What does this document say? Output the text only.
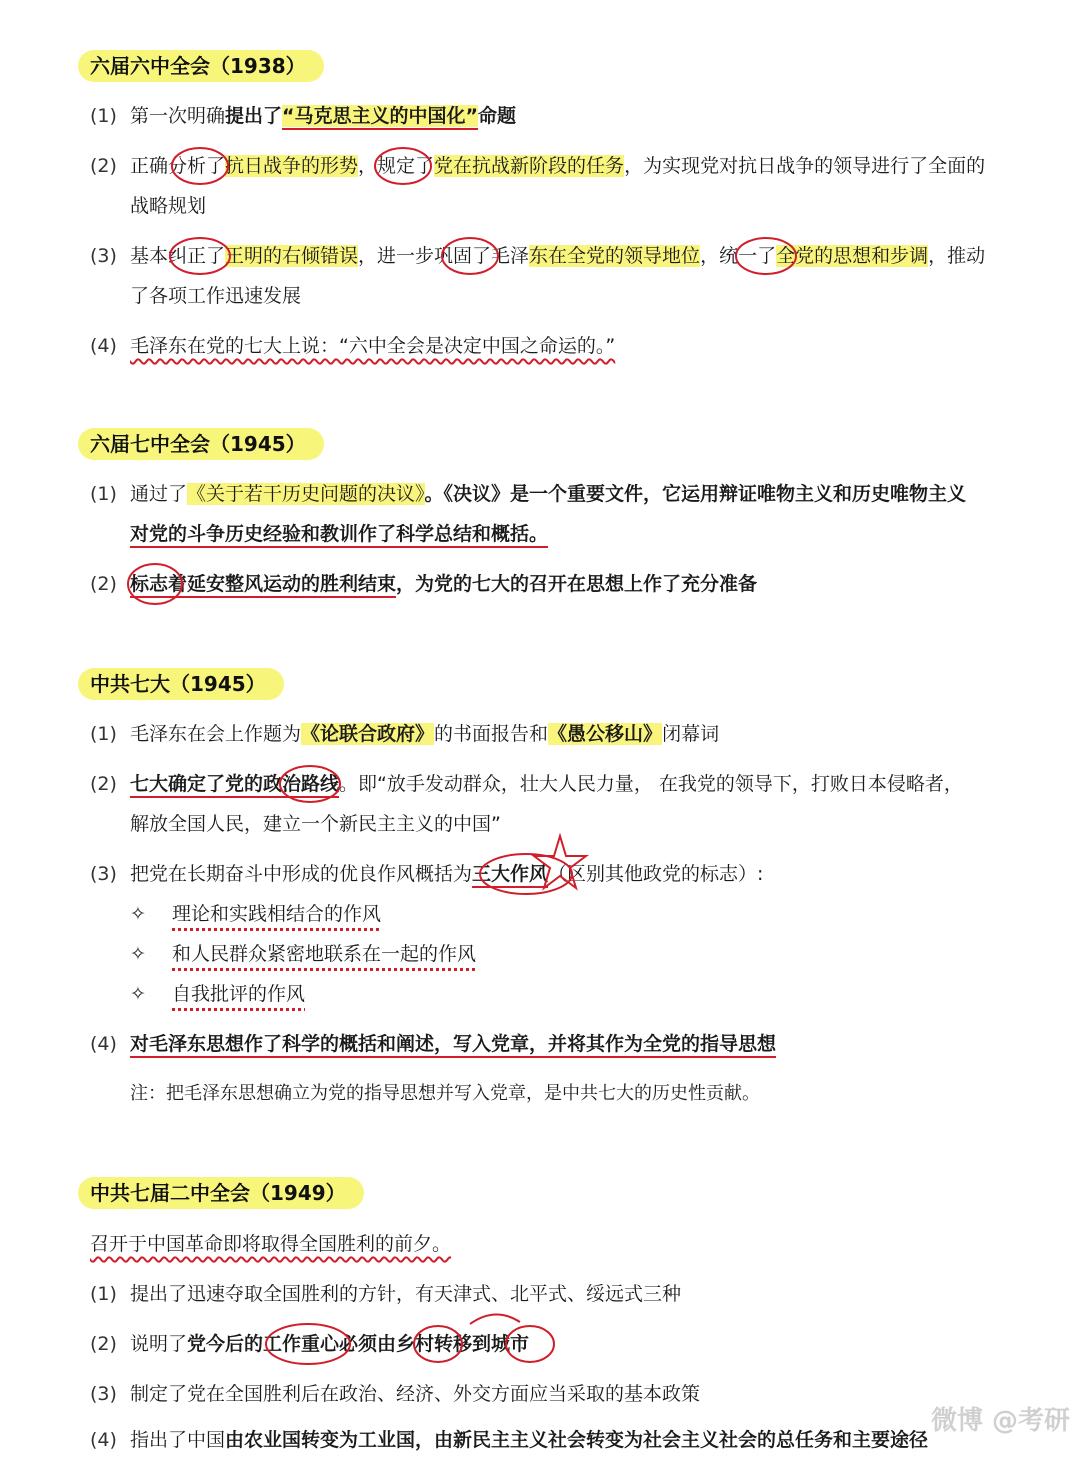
六届六中全会（1938）
(1) 第一次明确提出了“马克思主义的中国化”命题
(2) 正确分析了抗日战争的形势，规定了党在抗战新阶段的任务，为实现党对抗日战争的领导进行了全面的
战略规划
(3) 基本纠正了王明的右倾错误，进一步巩固了毛泽东在全党的领导地位，统一了全党的思想和步调，推动
了各项工作迅速发展
(4) 毛泽东在党的七大上说：“六中全会是决定中国之命运的。”
六届七中全会（1945）
(1) 通过了《关于若干历史问题的决议》。《决议》是一个重要文件，它运用辩证唯物主义和历史唯物主义
对党的斗争历史经验和教训作了科学总结和概括。
(2) 标志着延安整风运动的胜利结束，为党的七大的召开在思想上作了充分准备
中共七大（1945）
(1) 毛泽东在会上作题为《论联合政府》的书面报告和《愚公移山》闭幕词
(2) 七大确定了党的政治路线。即“放手发动群众，壮大人民力量， 在我党的领导下，打败日本侵略者，
解放全国人民，建立一个新民主主义的中国”
(3) 把党在长期奋斗中形成的优良作风概括为三大作风（区别其他政党的标志）:
✧ 理论和实践相结合的作风
✧ 和人民群众紧密地联系在一起的作风
✧ 自我批评的作风
(4) 对毛泽东思想作了科学的概括和阐述，写入党章，并将其作为全党的指导思想
注：把毛泽东思想确立为党的指导思想并写入党章，是中共七大的历史性贡献。
中共七届二中全会（1949）
召开于中国革命即将取得全国胜利的前夕。
(1) 提出了迅速夺取全国胜利的方针，有天津式、北平式、绥远式三种
(2) 说明了党今后的工作重心必须由乡村转移到城市
(3) 制定了党在全国胜利后在政治、经济、外交方面应当采取的基本政策
(4) 指出了中国由农业国转变为工业国，由新民主主义社会转变为社会主义社会的总任务和主要途径
微博 @考研
